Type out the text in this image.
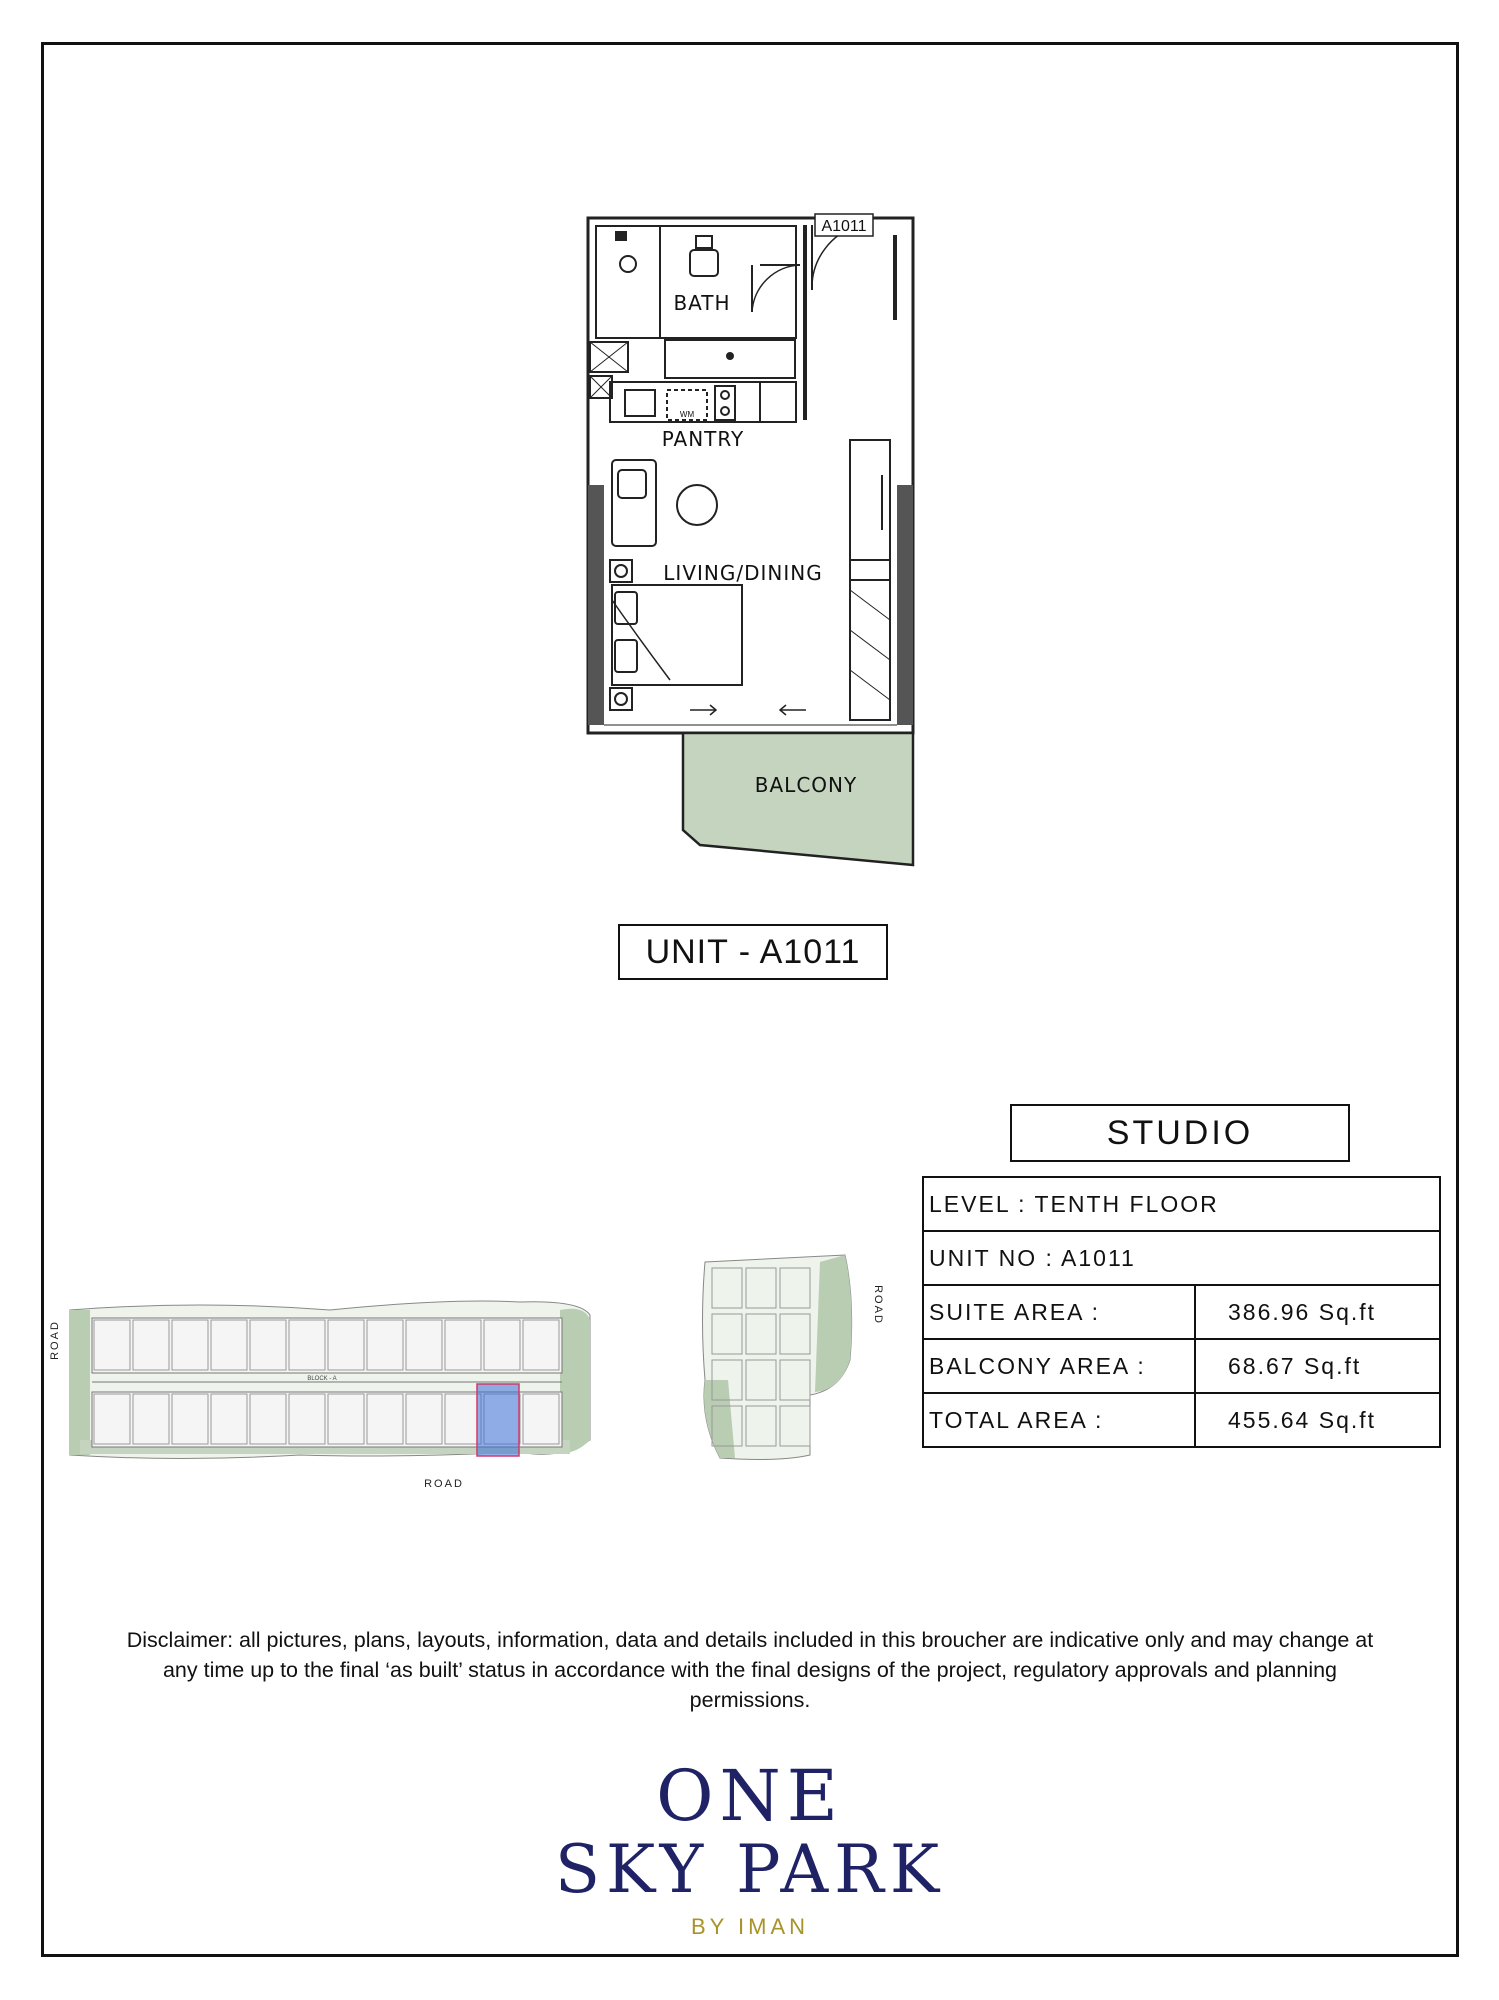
A1011
BATH
PANTRY
LIVING/DINING
BALCONY
WM
UNIT - A1011
STUDIO
LEVEL : TENTH FLOOR	
UNIT NO : A1011	
SUITE AREA :	386.96 Sq.ft
BALCONY AREA :	68.67 Sq.ft
TOTAL AREA :	455.64 Sq.ft
BLOCK - A
ROAD
ROAD
ROAD
Disclaimer: all pictures, plans, layouts, information, data and details included in this broucher are indicative only and may change at any time up to the final ‘as built’ status in accordance with the final designs of the project, regulatory approvals and planning permissions.
ONE
SKY PARK
BY IMAN
